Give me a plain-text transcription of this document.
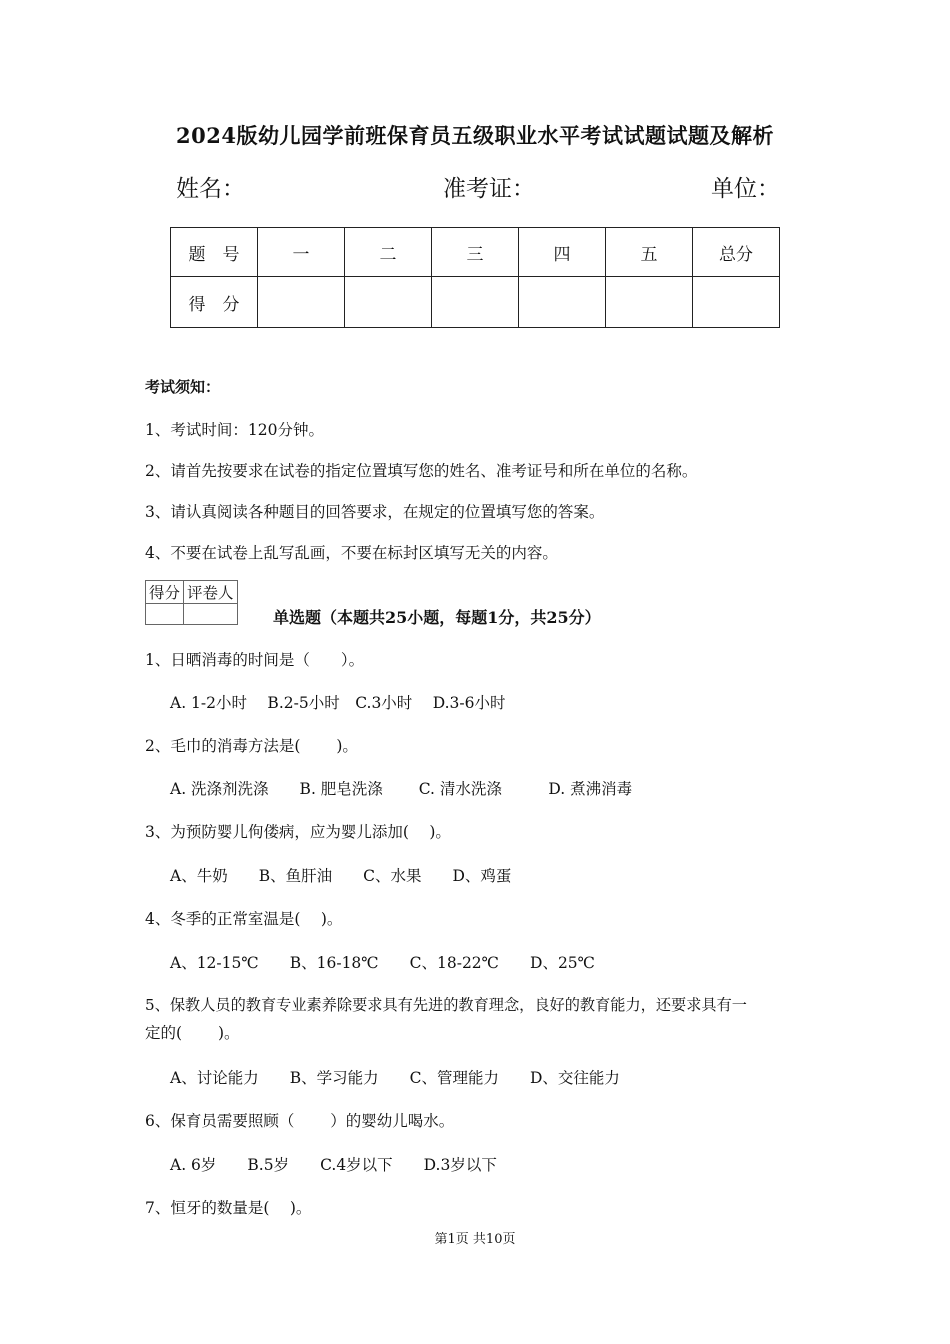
2024版幼儿园学前班保育员五级职业水平考试试题试题及解析
姓名：	准考证：	单位：
题　号	一	二	三	四	五	总分
得　分						
考试须知：
1、考试时间：120分钟。
2、请首先按要求在试卷的指定位置填写您的姓名、准考证号和所在单位的名称。
3、请认真阅读各种题目的回答要求，在规定的位置填写您的答案。
4、不要在试卷上乱写乱画，不要在标封区填写无关的内容。
得分	评卷人

单选题（本题共25小题，每题1分，共25分）
1、日晒消毒的时间是（　　）。
A. 1-2小时　 B.2-5小时　C.3小时　 D.3-6小时
2、毛巾的消毒方法是(　　 )。
A. 洗涤剂洗涤　　B. 肥皂洗涤　　 C. 清水洗涤　　　D. 煮沸消毒
3、为预防婴儿佝偻病，应为婴儿添加(　 )。
A、牛奶　　B、鱼肝油　　C、水果　　D、鸡蛋
4、冬季的正常室温是(　 )。
A、12-15℃　　B、16-18℃　　C、18-22℃　　D、25℃
5、保教人员的教育专业素养除要求具有先进的教育理念，良好的教育能力，还要求具有一
定的(　　 )。
A、讨论能力　　B、学习能力　　C、管理能力　　D、交往能力
6、保育员需要照顾（　　 ）的婴幼儿喝水。
A. 6岁　　B.5岁　　C.4岁以下　　D.3岁以下
7、恒牙的数量是(　 )。
第1页 共10页
